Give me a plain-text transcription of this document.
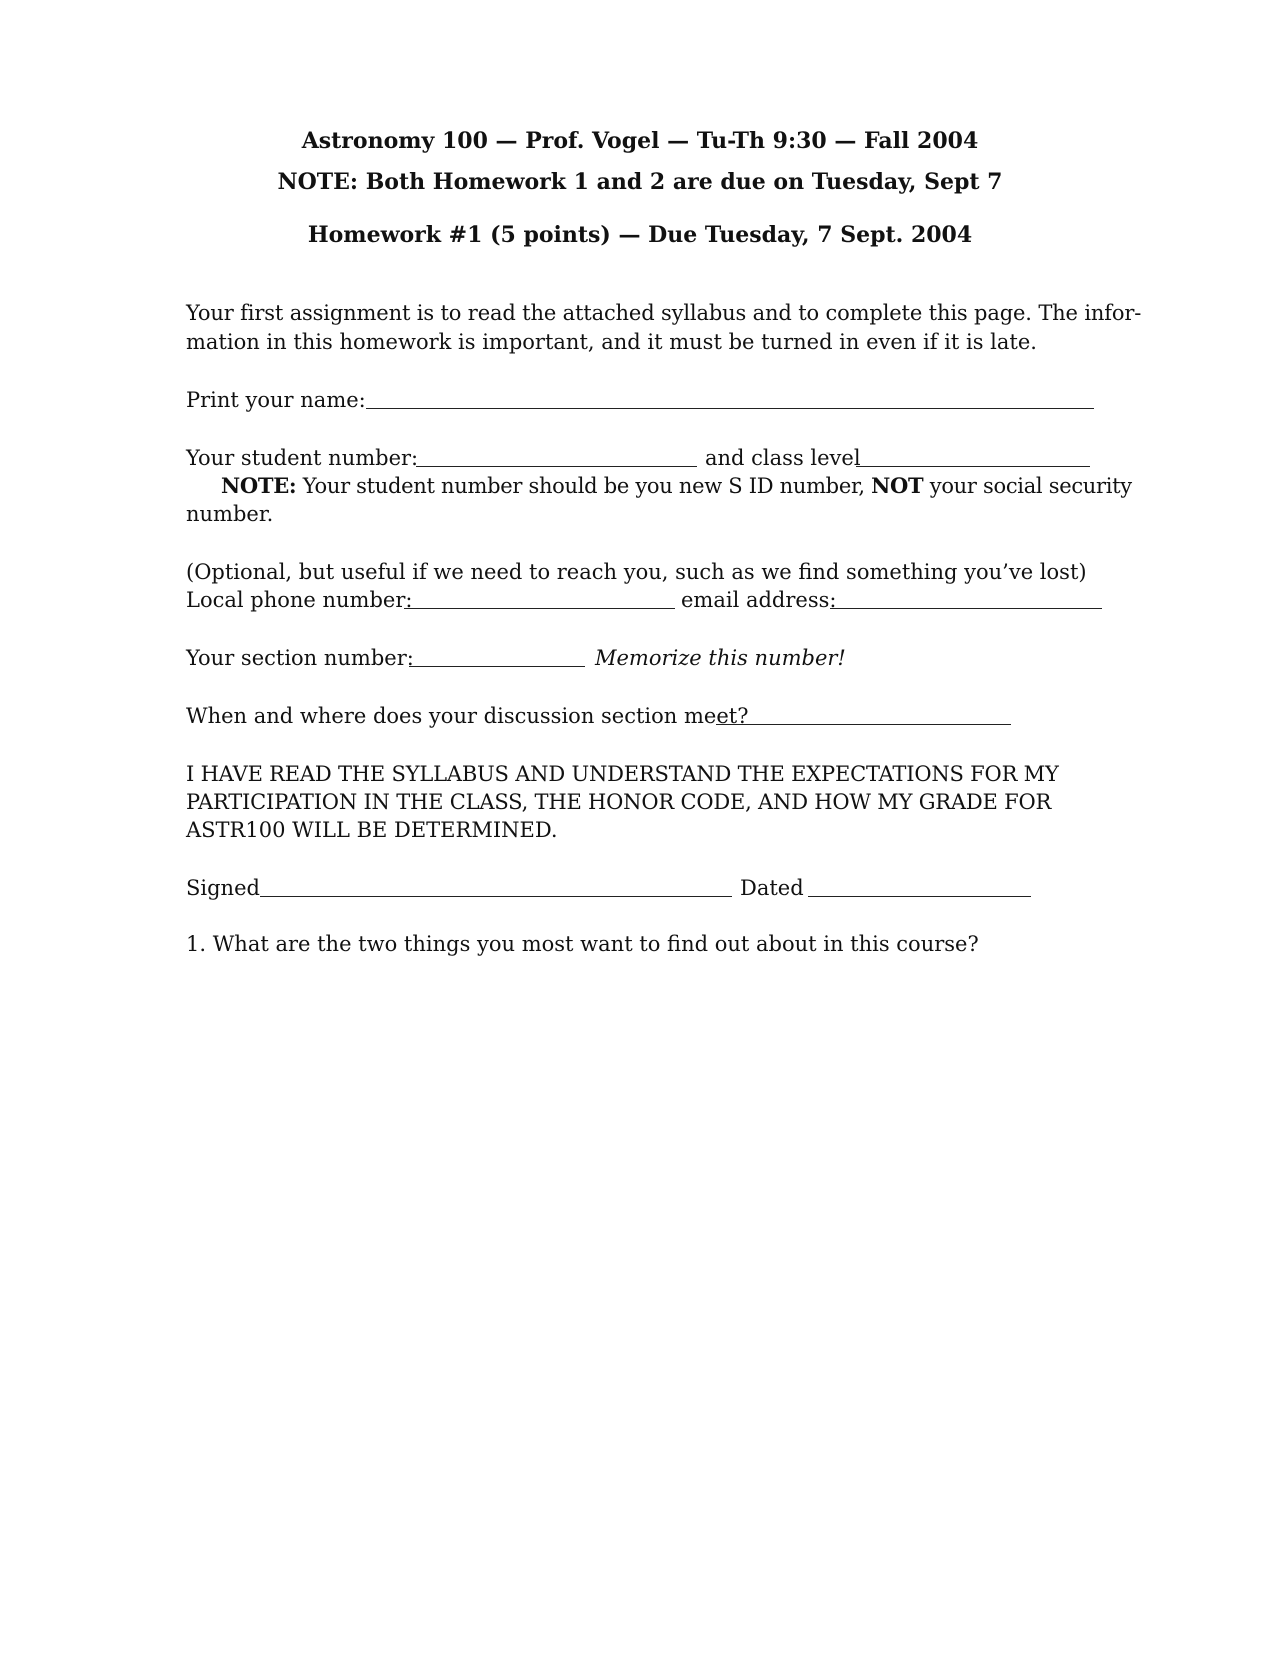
Astronomy 100 — Prof. Vogel — Tu-Th 9:30 — Fall 2004
NOTE: Both Homework 1 and 2 are due on Tuesday, Sept 7
Homework #1 (5 points) — Due Tuesday, 7 Sept. 2004
Your first assignment is to read the attached syllabus and to complete this page. The infor-
mation in this homework is important, and it must be turned in even if it is late.
Print your name:
Your student number:	and class level
NOTE: Your student number should be you new S ID number, NOT your social security
number.
(Optional, but useful if we need to reach you, such as we find something you’ve lost)
Local phone number:	email address:
Your section number:	Memorize this number!
When and where does your discussion section meet?
I HAVE READ THE SYLLABUS AND UNDERSTAND THE EXPECTATIONS FOR MY
PARTICIPATION IN THE CLASS, THE HONOR CODE, AND HOW MY GRADE FOR
ASTR100 WILL BE DETERMINED.
Signed	Dated
1. What are the two things you most want to find out about in this course?
